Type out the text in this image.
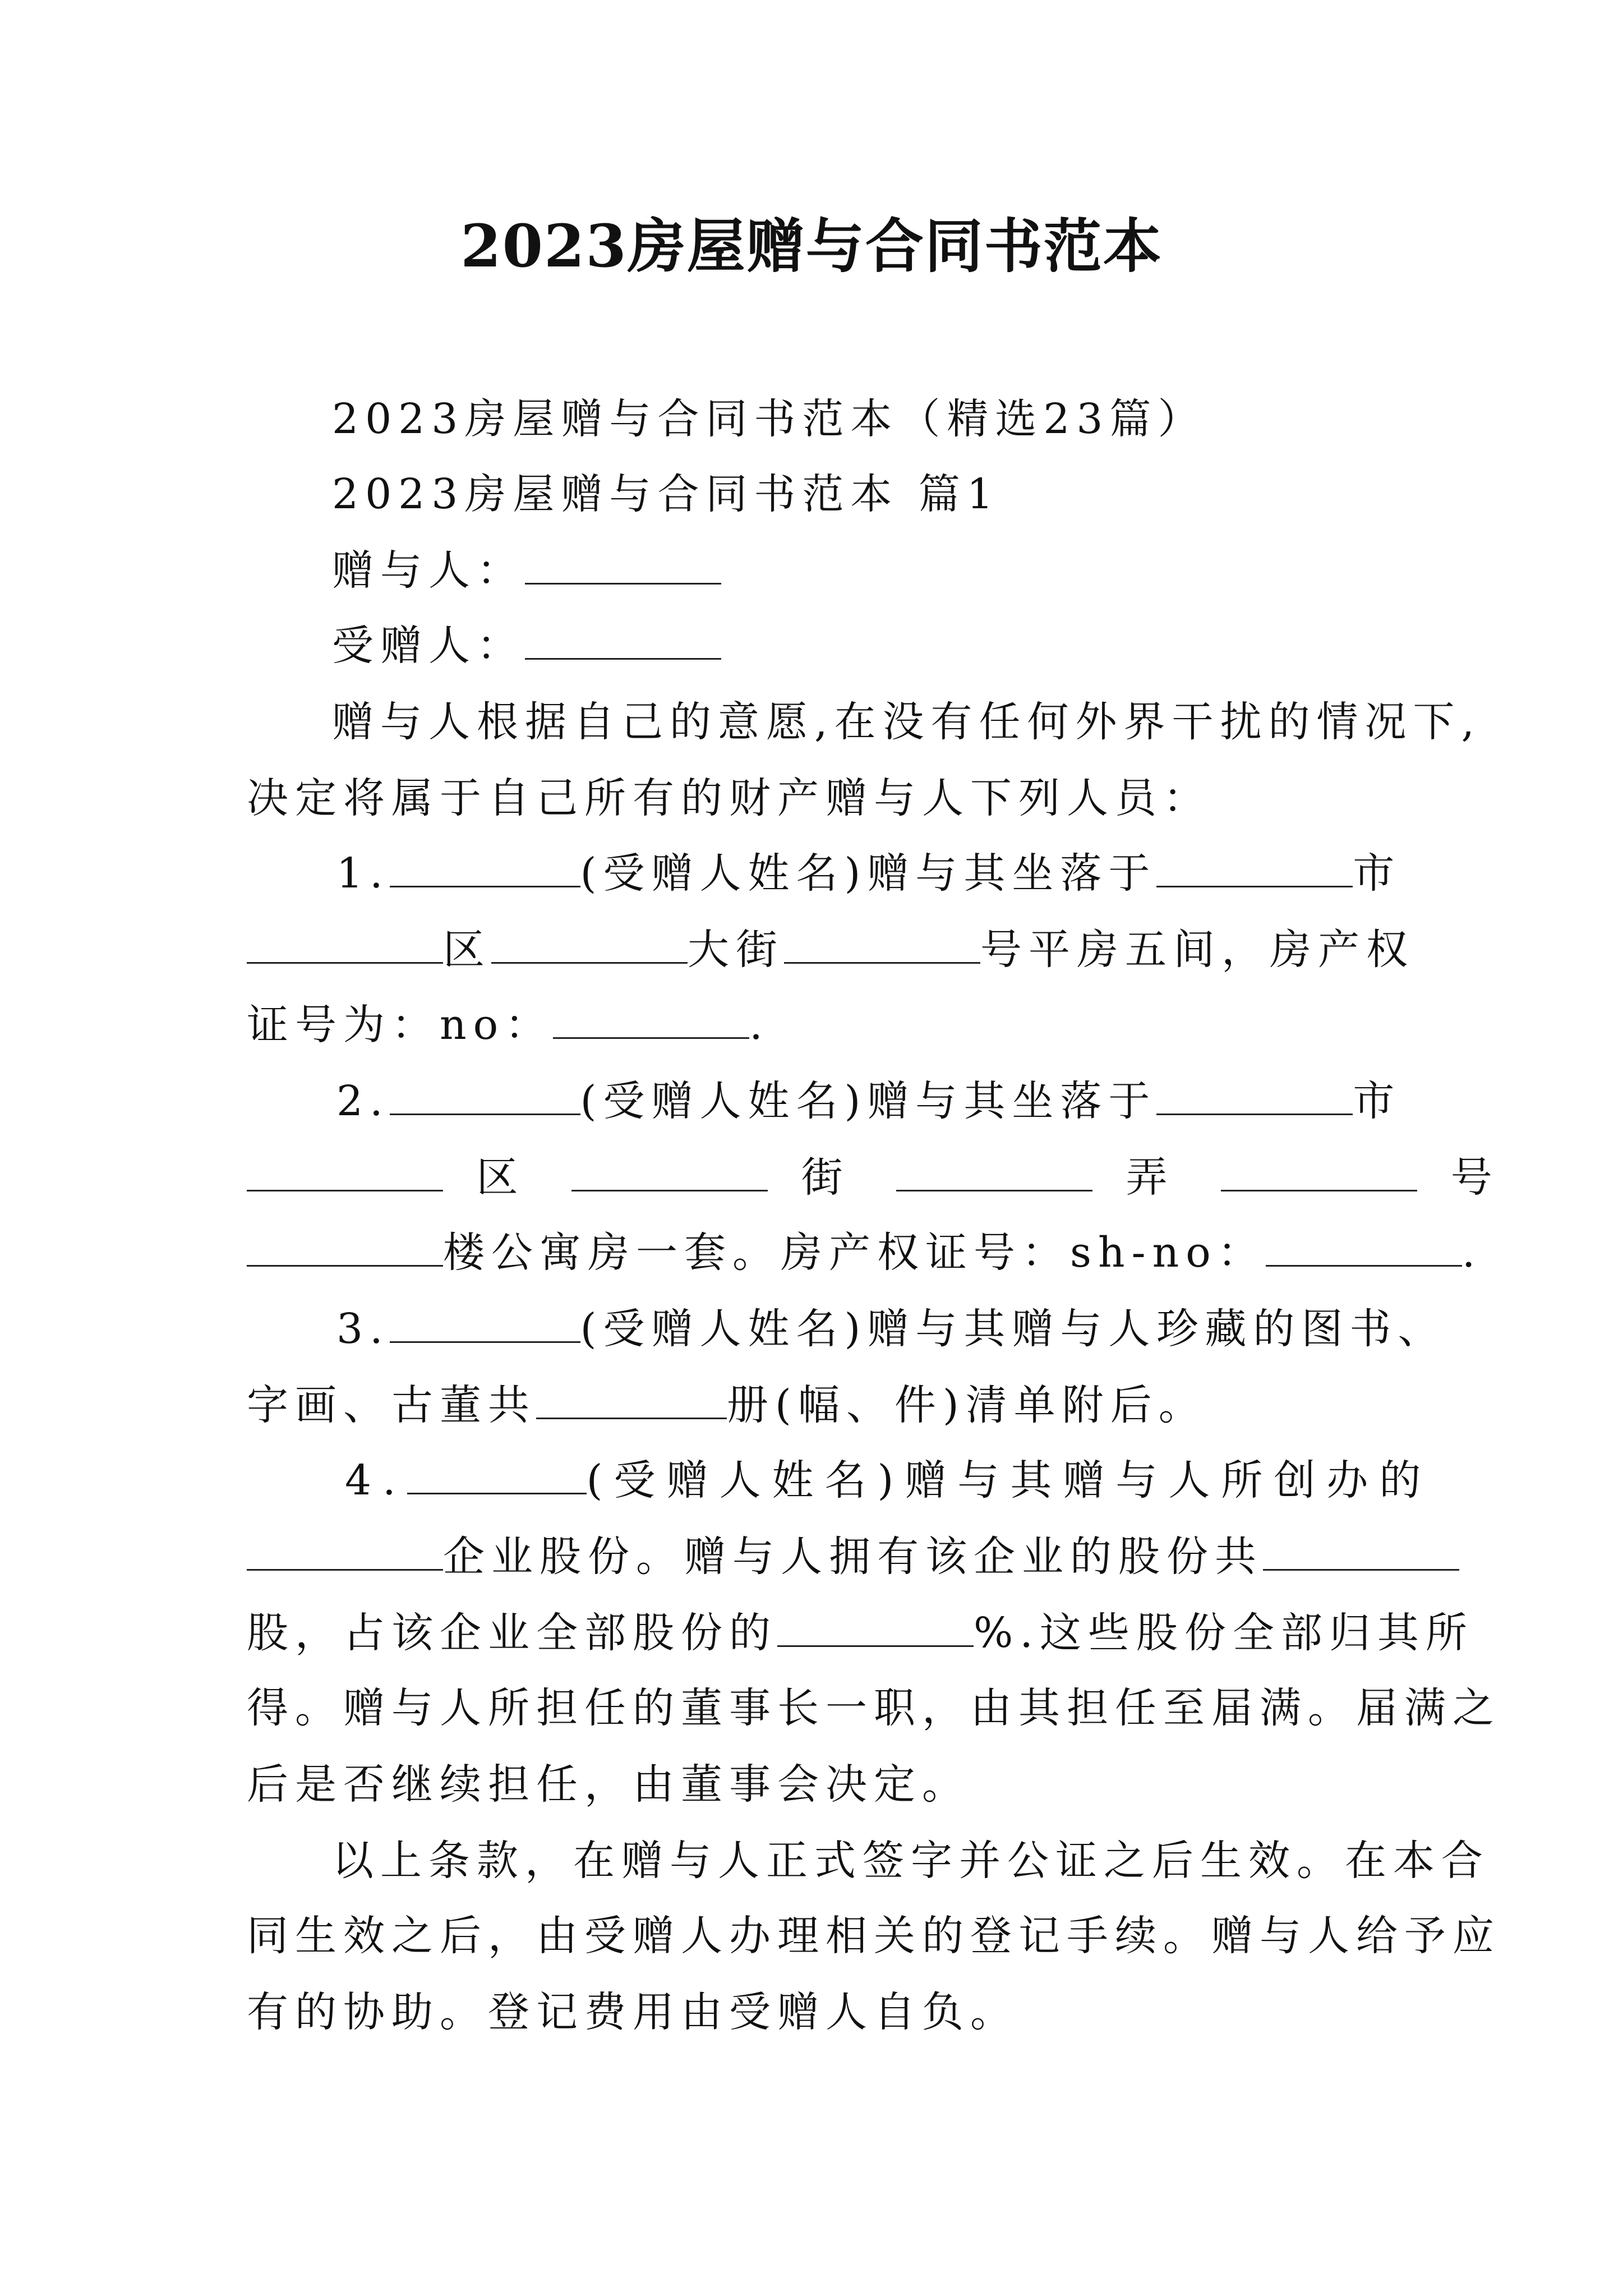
2023房屋赠与合同书范本
2023房屋赠与合同书范本（精选23篇）
2023房屋赠与合同书范本 篇1
赠与人：
受赠人：
赠与人根据自己的意愿,在没有任何外界干扰的情况下,
决定将属于自己所有的财产赠与人下列人员：
1.	(受赠人姓名)赠与其坐落于	市
区	大街	号平房五间，房产权
证号为：no：	.
2.	(受赠人姓名)赠与其坐落于	市
区	街	弄	号
楼公寓房一套。房产权证号：sh-no：	.
3.	(受赠人姓名)赠与其赠与人珍藏的图书、
字画、古董共	册(幅、件)清单附后。
4.	(受赠人姓名)赠与其赠与人所创办的
企业股份。赠与人拥有该企业的股份共
股，占该企业全部股份的	%.这些股份全部归其所
得。赠与人所担任的董事长一职，由其担任至届满。届满之
后是否继续担任，由董事会决定。
以上条款，在赠与人正式签字并公证之后生效。在本合
同生效之后，由受赠人办理相关的登记手续。赠与人给予应
有的协助。登记费用由受赠人自负。
